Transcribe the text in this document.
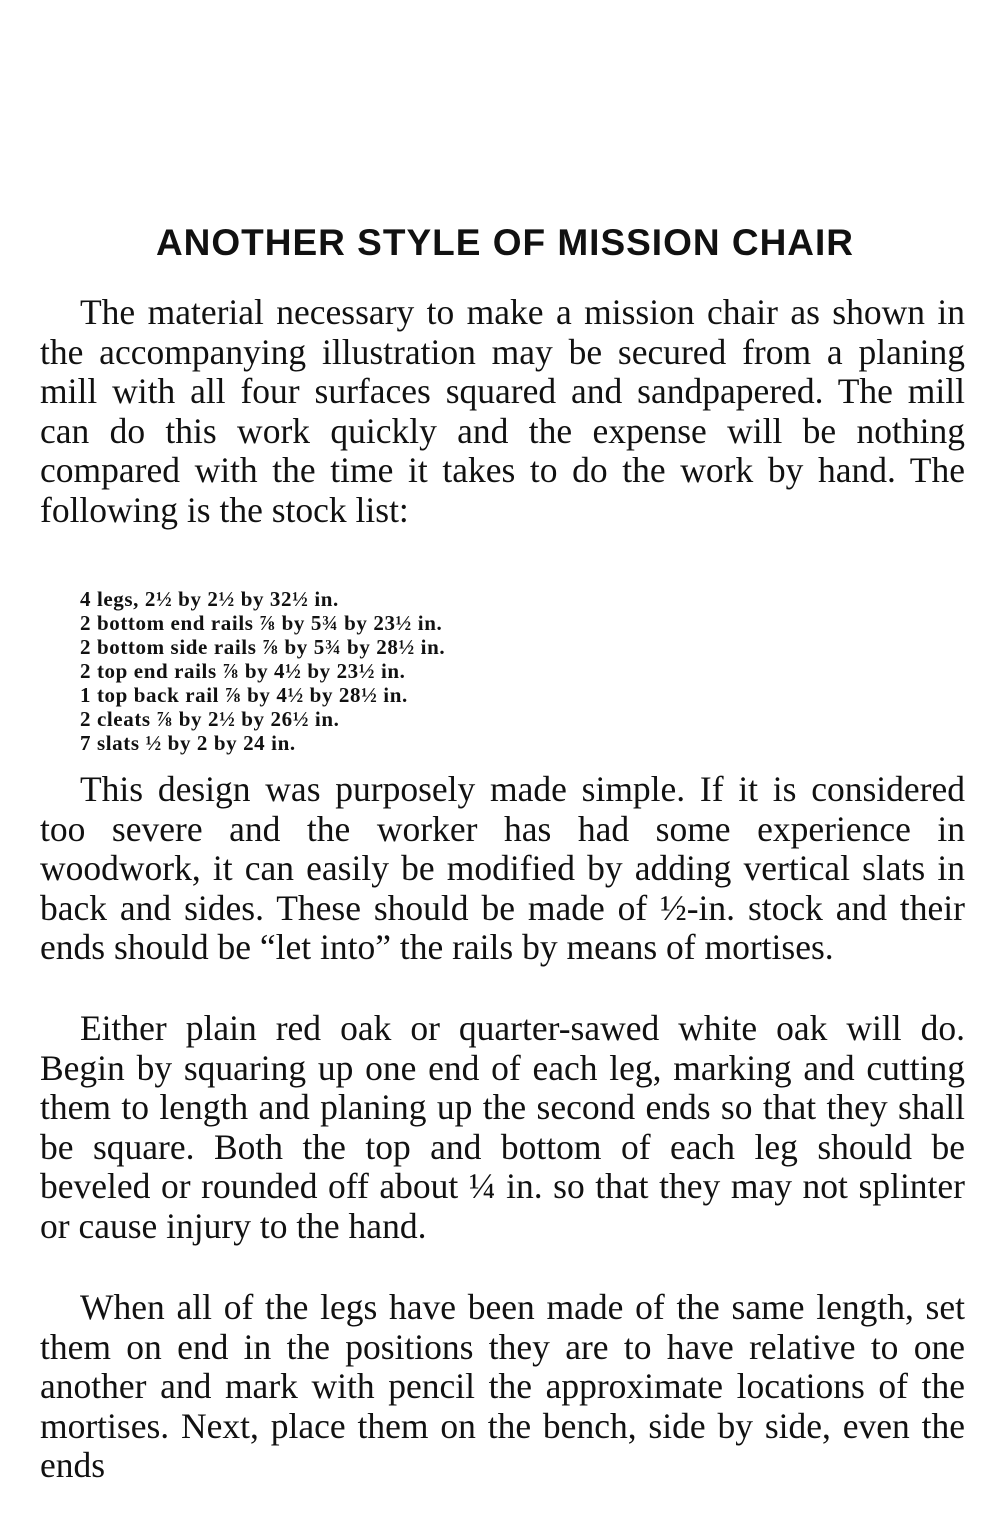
ANOTHER STYLE OF MISSION CHAIR

The material necessary to make a mission chair as shown in the accompanying illustration may be secured from a planing mill with all four surfaces squared and sandpapered. The mill can do this work quickly and the expense will be nothing compared with the time it takes to do the work by hand. The following is the stock list:

4 legs, 2½ by 2½ by 32½ in.
2 bottom end rails ⅞ by 5¾ by 23½ in.
2 bottom side rails ⅞ by 5¾ by 28½ in.
2 top end rails ⅞ by 4½ by 23½ in.
1 top back rail ⅞ by 4½ by 28½ in.
2 cleats ⅞ by 2½ by 26½ in.
7 slats ½ by 2 by 24 in.

This design was purposely made simple. If it is considered too severe and the worker has had some experience in woodwork, it can easily be modified by adding vertical slats in back and sides. These should be made of ½-in. stock and their ends should be “let into” the rails by means of mortises.

Either plain red oak or quarter-sawed white oak will do. Begin by squaring up one end of each leg, marking and cutting them to length and planing up the second ends so that they shall be square. Both the top and bottom of each leg should be beveled or rounded off about ¼ in. so that they may not splinter or cause injury to the hand.

When all of the legs have been made of the same length, set them on end in the positions they are to have relative to one another and mark with pencil the approximate locations of the mortises. Next, place them on the bench, side by side, even the ends
